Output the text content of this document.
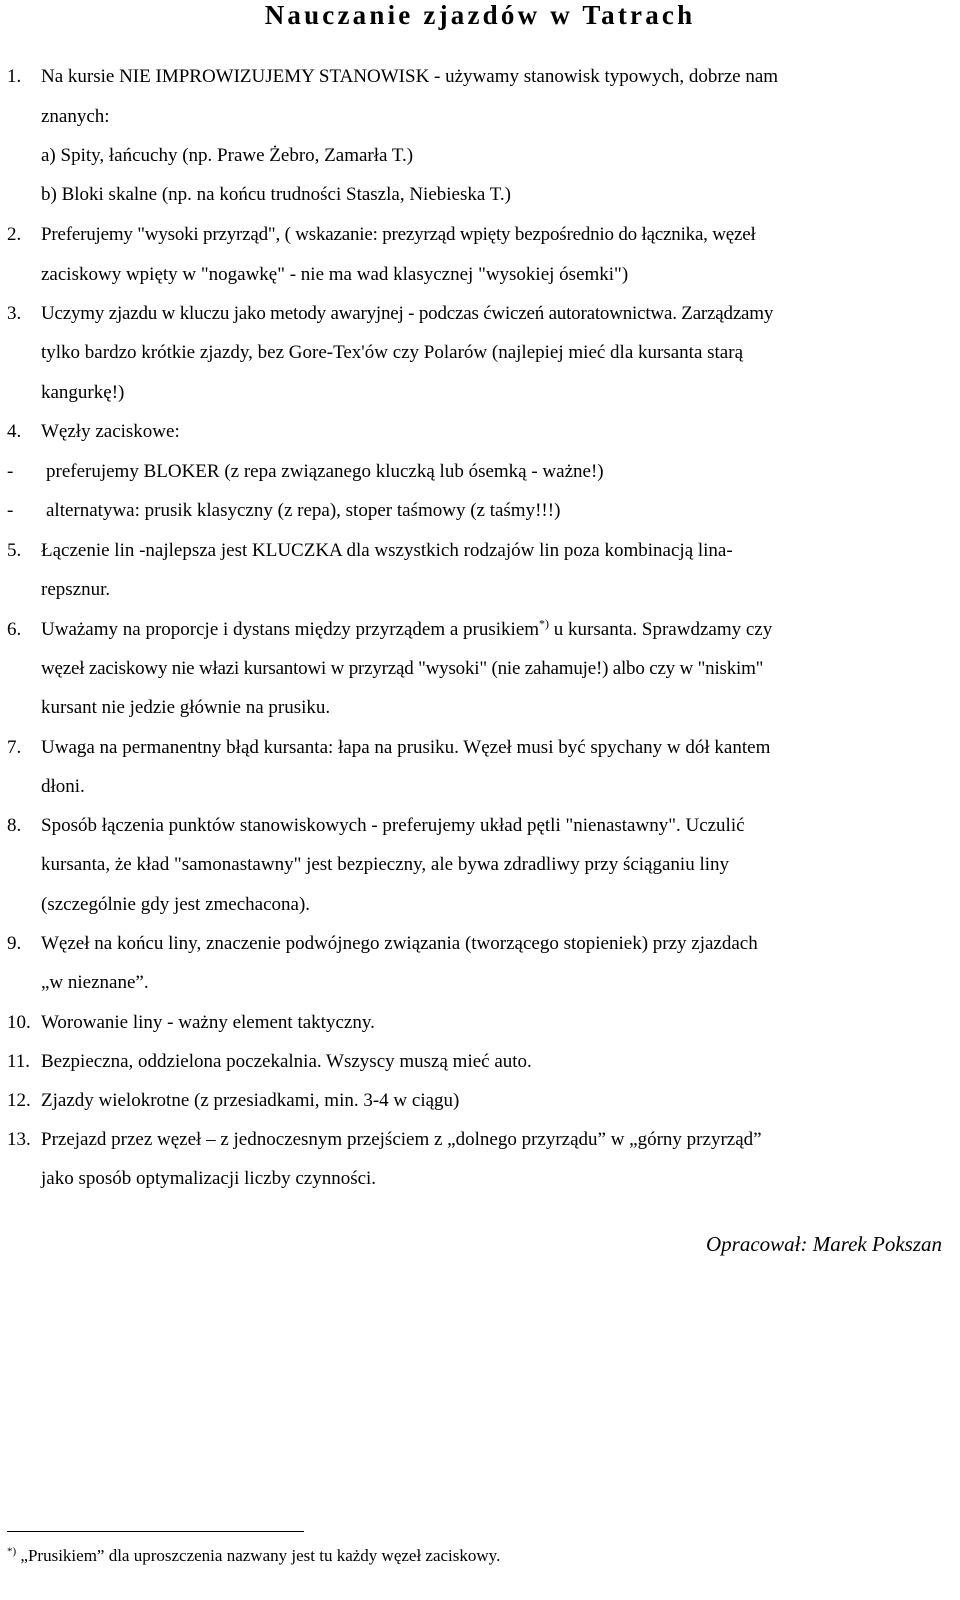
Nauczanie zjazdów w Tatrach
1. Na kursie NIE IMPROWIZUJEMY STANOWISK - używamy stanowisk typowych, dobrze nam
znanych:
a) Spity, łańcuchy (np. Prawe Żebro, Zamarła T.)
b) Bloki skalne (np. na końcu trudności Staszla, Niebieska T.)
2. Preferujemy "wysoki przyrząd", ( wskazanie: prezyrząd wpięty bezpośrednio do łącznika, węzeł
zaciskowy wpięty w "nogawkę" - nie ma wad klasycznej "wysokiej ósemki")
3. Uczymy zjazdu w kluczu jako metody awaryjnej - podczas ćwiczeń autoratownictwa. Zarządzamy
tylko bardzo krótkie zjazdy, bez Gore-Tex'ów czy Polarów (najlepiej mieć dla kursanta starą
kangurkę!)
4. Węzły zaciskowe:
- preferujemy BLOKER (z repa związanego kluczką lub ósemką - ważne!)
- alternatywa: prusik klasyczny (z repa), stoper taśmowy (z taśmy!!!)
5. Łączenie lin -najlepsza jest KLUCZKA dla wszystkich rodzajów lin poza kombinacją lina-
repsznur.
6. Uważamy na proporcje i dystans między przyrządem a prusikiem*) u kursanta. Sprawdzamy czy
węzeł zaciskowy nie włazi kursantowi w przyrząd "wysoki" (nie zahamuje!) albo czy w "niskim"
kursant nie jedzie głównie na prusiku.
7. Uwaga na permanentny błąd kursanta: łapa na prusiku. Węzeł musi być spychany w dół kantem
dłoni.
8. Sposób łączenia punktów stanowiskowych - preferujemy układ pętli "nienastawny". Uczulić
kursanta, że kład "samonastawny" jest bezpieczny, ale bywa zdradliwy przy ściąganiu liny
(szczególnie gdy jest zmechacona).
9. Węzeł na końcu liny, znaczenie podwójnego związania (tworzącego stopieniek) przy zjazdach
„w nieznane”.
10. Worowanie liny - ważny element taktyczny.
11. Bezpieczna, oddzielona poczekalnia. Wszyscy muszą mieć auto.
12. Zjazdy wielokrotne (z przesiadkami, min. 3-4 w ciągu)
13. Przejazd przez węzeł – z jednoczesnym przejściem z „dolnego przyrządu” w „górny przyrząd”
jako sposób optymalizacji liczby czynności.
Opracował: Marek Pokszan
*) „Prusikiem” dla uproszczenia nazwany jest tu każdy węzeł zaciskowy.
